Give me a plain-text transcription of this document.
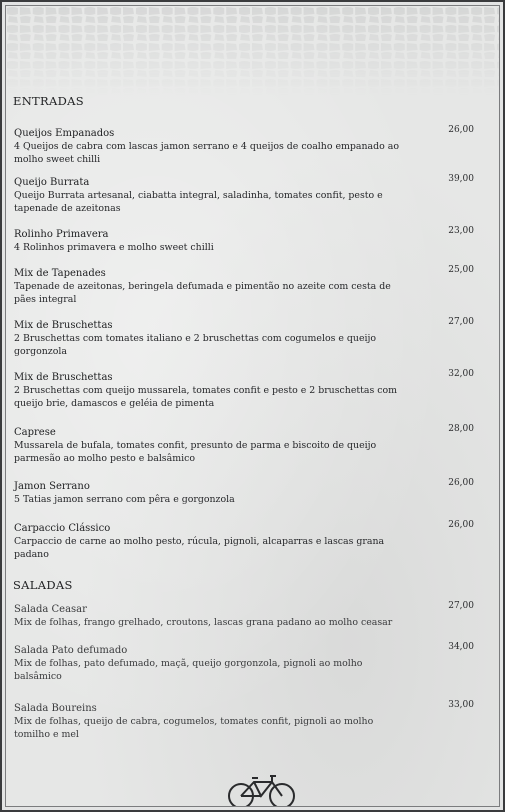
ENTRADAS
Queijos Empanados
4 Queijos de cabra com lascas jamon serrano e 4 queijos de coalho empanado ao molho sweet chilli
26,00
Queijo Burrata
Queijo Burrata artesanal, ciabatta integral, saladinha, tomates confit, pesto e tapenade de azeitonas
39,00
Rolinho Primavera
4 Rolinhos primavera e molho sweet chilli
23,00
Mix de Tapenades
Tapenade de azeitonas, beringela defumada e pimentão no azeite com cesta de pães integral
25,00
Mix de Bruschettas
2 Bruschettas com tomates italiano e 2 bruschettas com cogumelos e queijo gorgonzola
27,00
Mix de Bruschettas
2 Bruschettas com queijo mussarela, tomates confit e pesto e 2 bruschettas com queijo brie, damascos e geléia de pimenta
32,00
Caprese
Mussarela de bufala, tomates confit, presunto de parma e biscoito de queijo parmesão ao molho pesto e balsâmico
28,00
Jamon Serrano
5 Tatias jamon serrano com pêra e gorgonzola
26,00
Carpaccio Clássico
Carpaccio de carne ao molho pesto, rúcula, pignoli, alcaparras e lascas grana padano
26,00
SALADAS
Salada Ceasar
Mix de folhas, frango grelhado, croutons, lascas grana padano ao molho ceasar
27,00
Salada Pato defumado
Mix de folhas, pato defumado, maçã, queijo gorgonzola, pignoli ao molho balsâmico
34,00
Salada Boureins
Mix de folhas, queijo de cabra, cogumelos, tomates confit, pignoli ao molho tomilho e mel
33,00
